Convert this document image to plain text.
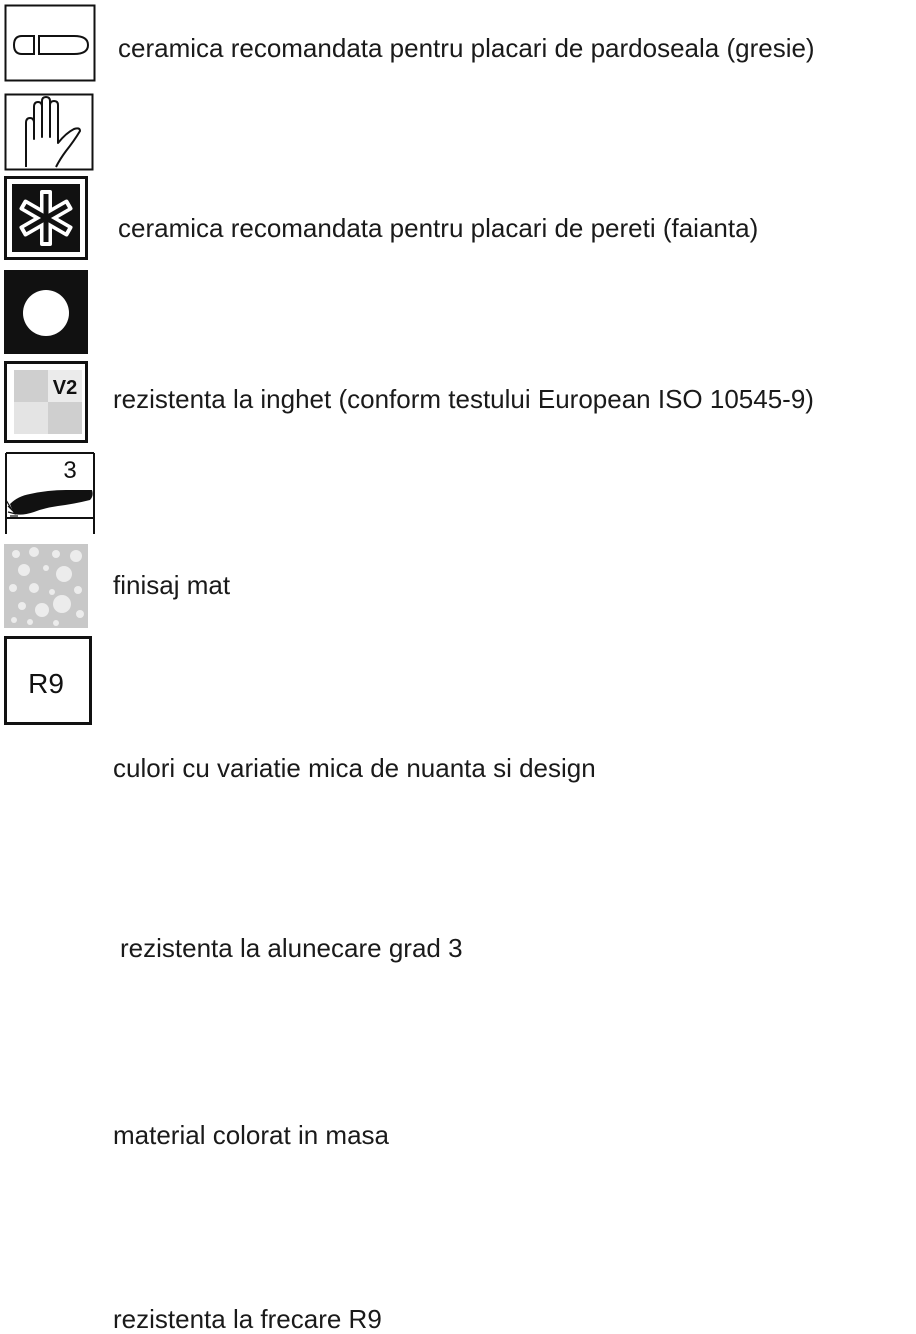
ceramica recomandata pentru placari de pardoseala (gresie)
ceramica recomandata pentru placari de pereti (faianta)
rezistenta la inghet (conform testului European ISO 10545-9)
finisaj mat
V2
culori cu variatie mica de nuanta si design
3
rezistenta la alunecare grad 3
material colorat in masa
R9
rezistenta la frecare R9
